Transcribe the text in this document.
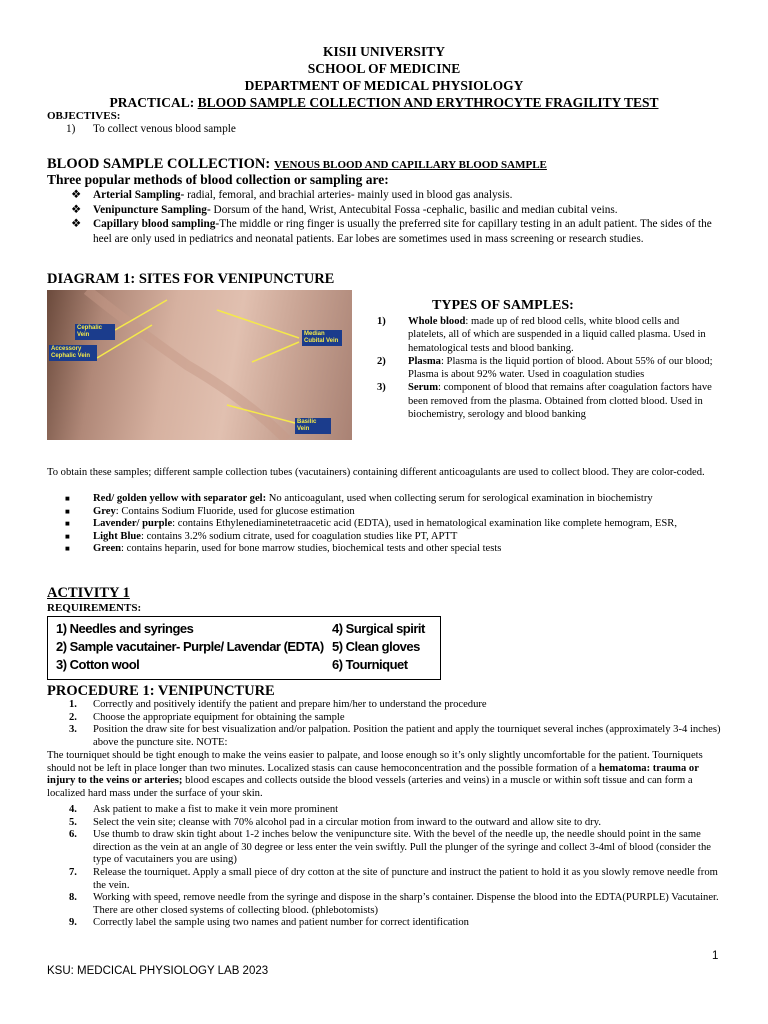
KISII UNIVERSITY
SCHOOL OF MEDICINE
DEPARTMENT OF MEDICAL PHYSIOLOGY
PRACTICAL: BLOOD SAMPLE COLLECTION AND ERYTHROCYTE FRAGILITY TEST
OBJECTIVES:
1) To collect venous blood sample
BLOOD SAMPLE COLLECTION: VENOUS BLOOD AND CAPILLARY BLOOD SAMPLE
Three popular methods of blood collection or sampling are:
❖ Arterial Sampling- radial, femoral, and brachial arteries- mainly used in blood gas analysis.
❖ Venipuncture Sampling- Dorsum of the hand, Wrist, Antecubital Fossa -cephalic, basilic and median cubital veins.
❖ Capillary blood sampling-The middle or ring finger is usually the preferred site for capillary testing in an adult patient. The sides of the heel are only used in pediatrics and neonatal patients. Ear lobes are sometimes used in mass screening or research studies.
DIAGRAM 1: SITES FOR VENIPUNCTURE
Cephalic Vein
Accessory Cephalic Vein
Median Cubital Vein
Basilic Vein
TYPES OF SAMPLES:
1) Whole blood: made up of red blood cells, white blood cells and platelets, all of which are suspended in a liquid called plasma. Used in hematological tests and blood banking.
2) Plasma: Plasma is the liquid portion of blood. About 55% of our blood; Plasma is about 92% water. Used in coagulation studies
3) Serum: component of blood that remains after coagulation factors have been removed from the plasma. Obtained from clotted blood. Used in biochemistry, serology and blood banking
To obtain these samples; different sample collection tubes (vacutainers) containing different anticoagulants are used to collect blood. They are color-coded.
■ Red/ golden yellow with separator gel: No anticoagulant, used when collecting serum for serological examination in biochemistry
■ Grey: Contains Sodium Fluoride, used for glucose estimation
■ Lavender/ purple: contains Ethylenediaminetetraacetic acid (EDTA), used in hematological examination like complete hemogram, ESR,
■ Light Blue: contains 3.2% sodium citrate, used for coagulation studies like PT, APTT
■ Green: contains heparin, used for bone marrow studies, biochemical tests and other special tests
ACTIVITY 1
REQUIREMENTS:
1) Needles and syringes
2) Sample vacutainer- Purple/ Lavendar (EDTA)
3) Cotton wool
4) Surgical spirit
5) Clean gloves
6) Tourniquet
PROCEDURE 1: VENIPUNCTURE
1. Correctly and positively identify the patient and prepare him/her to understand the procedure
2. Choose the appropriate equipment for obtaining the sample
3. Position the draw site for best visualization and/or palpation. Position the patient and apply the tourniquet several inches (approximately 3-4 inches) above the puncture site. NOTE:
The tourniquet should be tight enough to make the veins easier to palpate, and loose enough so it’s only slightly uncomfortable for the patient. Tourniquets should not be left in place longer than two minutes. Localized stasis can cause hemoconcentration and the possible formation of a hematoma: trauma or injury to the veins or arteries; blood escapes and collects outside the blood vessels (arteries and veins) in a muscle or within soft tissue and can form a localized hard mass under the surface of your skin.
4. Ask patient to make a fist to make it vein more prominent
5. Select the vein site; cleanse with 70% alcohol pad in a circular motion from inward to the outward and allow site to dry.
6. Use thumb to draw skin tight about 1-2 inches below the venipuncture site. With the bevel of the needle up, the needle should point in the same direction as the vein at an angle of 30 degree or less enter the vein swiftly. Pull the plunger of the syringe and collect 3-4ml of blood (consider the type of vacutainers you are using)
7. Release the tourniquet. Apply a small piece of dry cotton at the site of puncture and instruct the patient to hold it as you slowly remove needle from the vein.
8. Working with speed, remove needle from the syringe and dispose in the sharp’s container. Dispense the blood into the EDTA(PURPLE) Vacutainer. There are other closed systems of collecting blood. (phlebotomists)
9. Correctly label the sample using two names and patient number for correct identification
1
KSU: MEDCICAL PHYSIOLOGY LAB 2023
